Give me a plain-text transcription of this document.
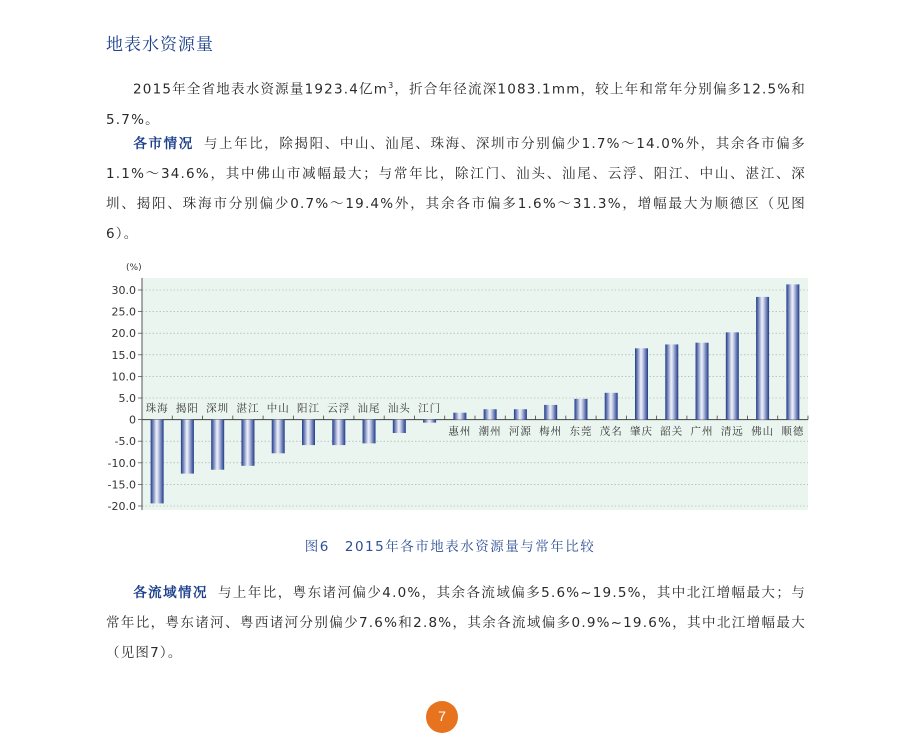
地表水资源量
2015年全省地表水资源量1923.4亿$m^3$，折合年径流深1083.1mm，较上年和常年分别偏多12.5%和5.7%。
各市情况 与上年比，除揭阳、中山、汕尾、珠海、深圳市分别偏少1.7%～14.0%外，其余各市偏多1.1%～34.6%，其中佛山市减幅最大；与常年比，除江门、汕头、汕尾、云浮、阳江、中山、湛江、深圳、揭阳、珠海市分别偏少0.7%～19.4%外，其余各市偏多1.6%～31.3%，增幅最大为顺德区（见图6）。
30.0
25.0
20.0
15.0
10.0
5.0
0
-5.0
-10.0
-15.0
-20.0
(%)
珠海 揭阳 深圳 湛江 中山 阳江 云浮 汕尾 汕头 江门
惠州 潮州 河源 梅州 东莞 茂名 肇庆 韶关 广州 清远 佛山 顺德
图6　2015年各市地表水资源量与常年比较
各流域情况 与上年比，粤东诸河偏少4.0%，其余各流域偏多5.6%~19.5%，其中北江增幅最大；与常年比，粤东诸河、粤西诸河分别偏少7.6%和2.8%，其余各流域偏多0.9%~19.6%，其中北江增幅最大（见图7）。
7
